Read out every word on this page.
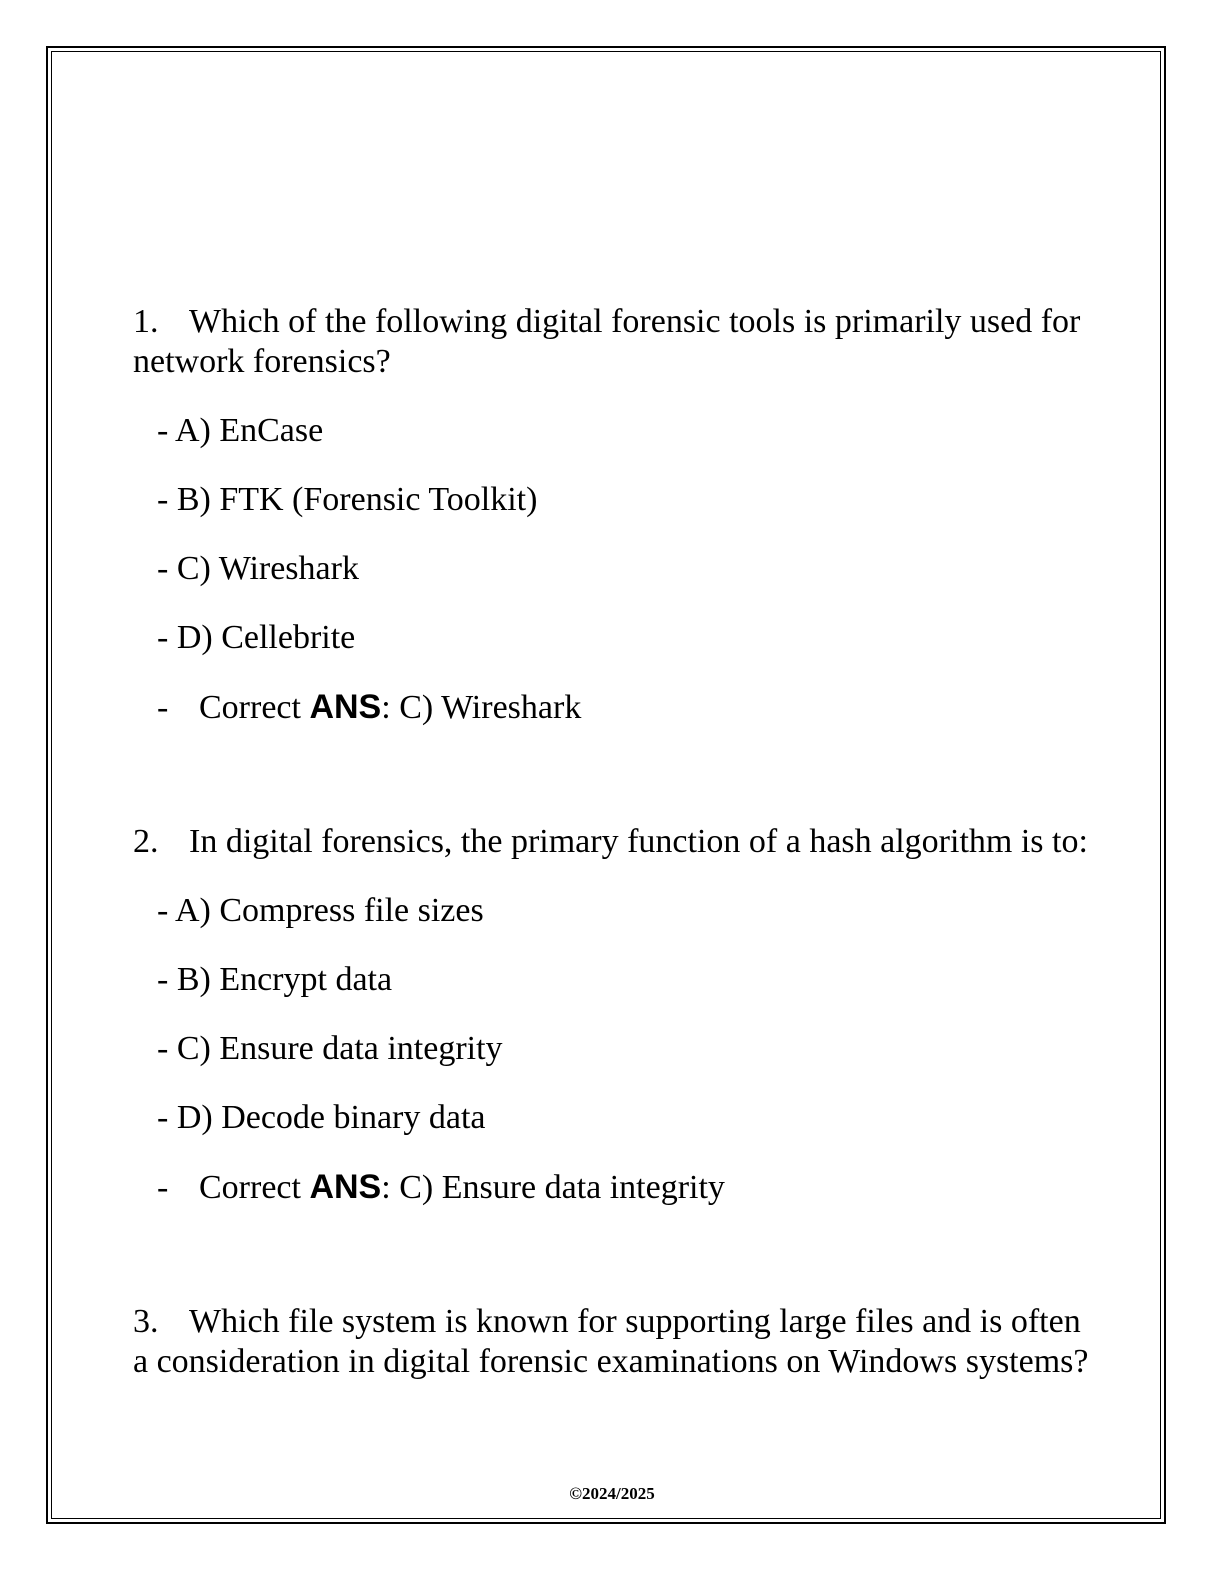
1. Which of the following digital forensic tools is primarily used for network forensics?

- A) EnCase

- B) FTK (Forensic Toolkit)

- C) Wireshark

- D) Cellebrite

- Correct ANS: C) Wireshark

2. In digital forensics, the primary function of a hash algorithm is to:

- A) Compress file sizes

- B) Encrypt data

- C) Ensure data integrity

- D) Decode binary data

- Correct ANS: C) Ensure data integrity

3. Which file system is known for supporting large files and is often a consideration in digital forensic examinations on Windows systems?

©2024/2025
